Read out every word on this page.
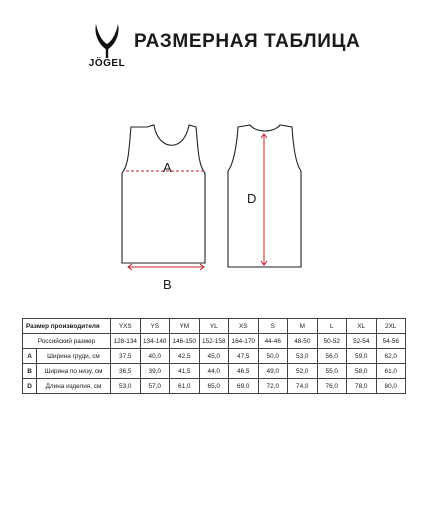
JÖGEL
РАЗМЕРНАЯ ТАБЛИЦА
A
B
D
Размер производителя		YXS	YS	YM	YL	XS	S	M	L	XL	2XL
Российский размер		128-134	134-140	146-150	152-158	164-170	44-46	48-50	50-52	52-54	54-56
A	Ширина груди, см	37,5	40,0	42,5	45,0	47,5	50,0	53,0	56,0	59,0	62,0
B	Ширина по низу, см	36,5	39,0	41,5	44,0	46,5	49,0	52,0	55,0	58,0	61,0
D	Длина изделия, см	53,0	57,0	61,0	65,0	69,0	72,0	74,0	76,0	78,0	80,0
